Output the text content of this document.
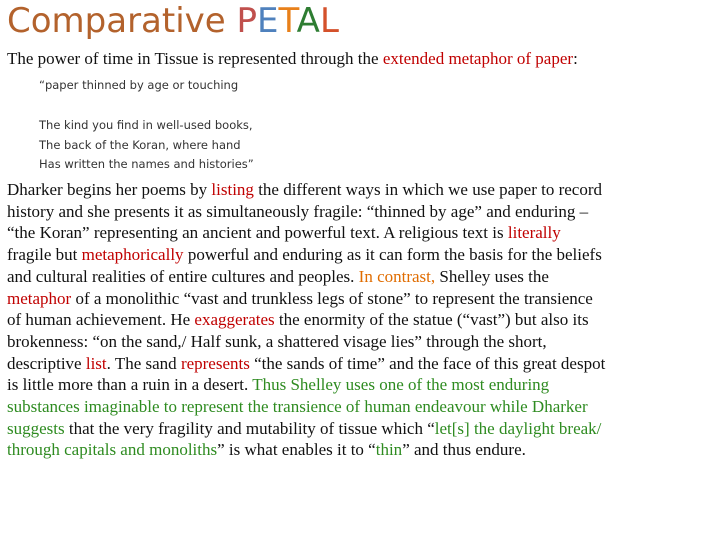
Comparative PETAL
The power of time in Tissue is represented through the extended metaphor of paper:
“paper thinned by age or touching
The kind you find in well-used books,
The back of the Koran, where hand
Has written the names and histories”
Dharker begins her poems by listing the different ways in which we use paper to record
history and she presents it as simultaneously fragile: “thinned by age” and enduring –
“the Koran” representing an ancient and powerful text. A religious text is literally
fragile but metaphorically powerful and enduring as it can form the basis for the beliefs
and cultural realities of entire cultures and peoples. In contrast, Shelley uses the
metaphor of a monolithic “vast and trunkless legs of stone” to represent the transience
of human achievement. He exaggerates the enormity of the statue (“vast”) but also its
brokenness: “on the sand,/ Half sunk, a shattered visage lies” through the short,
descriptive list. The sand represents “the sands of time” and the face of this great despot
is little more than a ruin in a desert. Thus Shelley uses one of the most enduring
substances imaginable to represent the transience of human endeavour while Dharker
suggests that the very fragility and mutability of tissue which “let[s] the daylight break/
through capitals and monoliths” is what enables it to “thin” and thus endure.
